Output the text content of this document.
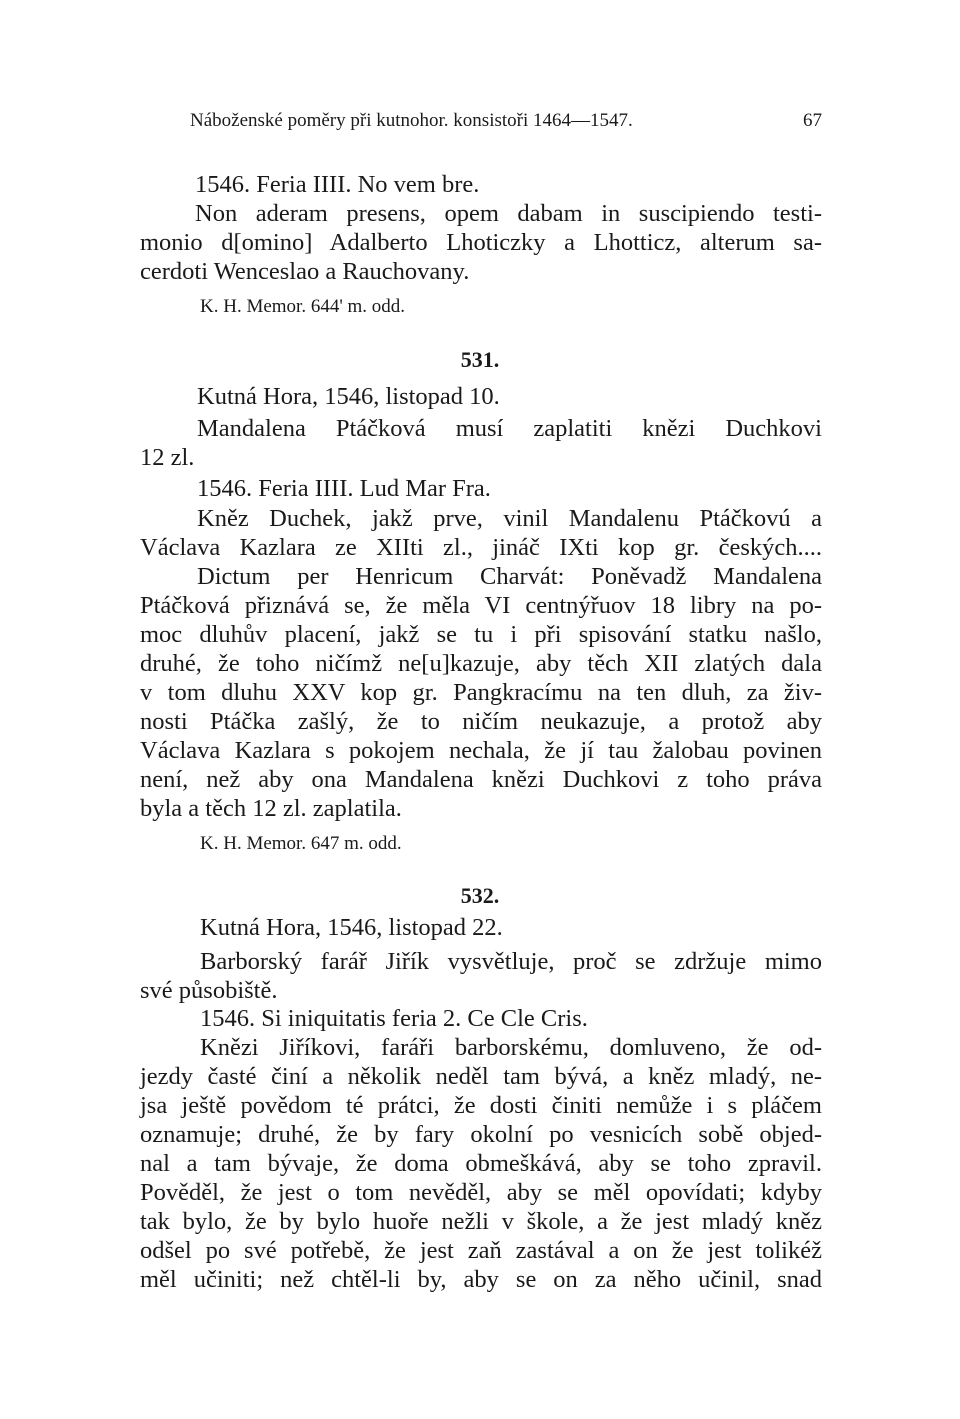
Náboženské poměry při kutnohor. konsistoři 1464—1547.	67
1546. Feria IIII. No vem bre.
Non aderam presens, opem dabam in suscipiendo testi-
monio d[omino] Adalberto Lhoticzky a Lhotticz, alterum sa-
cerdoti Wenceslao a Rauchovany.
K. H. Memor. 644' m. odd.
531.
Kutná Hora, 1546, listopad 10.
Mandalena Ptáčková musí zaplatiti knězi Duchkovi
12 zl.
1546. Feria IIII. Lud Mar Fra.
Kněz Duchek, jakž prve, vinil Mandalenu Ptáčkovú a
Václava Kazlara ze XIIti zl., jináč IXti kop gr. českých....
Dictum per Henricum Charvát: Poněvadž Mandalena
Ptáčková přiznává se, že měla VI centnýřuov 18 libry na po-
moc dluhův placení, jakž se tu i při spisování statku našlo,
druhé, že toho ničímž ne[u]kazuje, aby těch XII zlatých dala
v tom dluhu XXV kop gr. Pangkracímu na ten dluh, za živ-
nosti Ptáčka zašlý, že to ničím neukazuje, a protož aby
Václava Kazlara s pokojem nechala, že jí tau žalobau povinen
není, než aby ona Mandalena knězi Duchkovi z toho práva
byla a těch 12 zl. zaplatila.
K. H. Memor. 647 m. odd.
532.
Kutná Hora, 1546, listopad 22.
Barborský farář Jiřík vysvětluje, proč se zdržuje mimo
své působiště.
1546. Si iniquitatis feria 2. Ce Cle Cris.
Knězi Jiříkovi, faráři barborskému, domluveno, že od-
jezdy časté činí a několik neděl tam bývá, a kněz mladý, ne-
jsa ještě povědom té prátci, že dosti činiti nemůže i s pláčem
oznamuje; druhé, že by fary okolní po vesnicích sobě objed-
nal a tam bývaje, že doma obmeškává, aby se toho zpravil.
Pověděl, že jest o tom nevěděl, aby se měl opovídati; kdyby
tak bylo, že by bylo huoře nežli v škole, a že jest mladý kněz
odšel po své potřebě, že jest zaň zastával a on že jest tolikéž
měl učiniti; než chtěl-li by, aby se on za něho učinil, snad
